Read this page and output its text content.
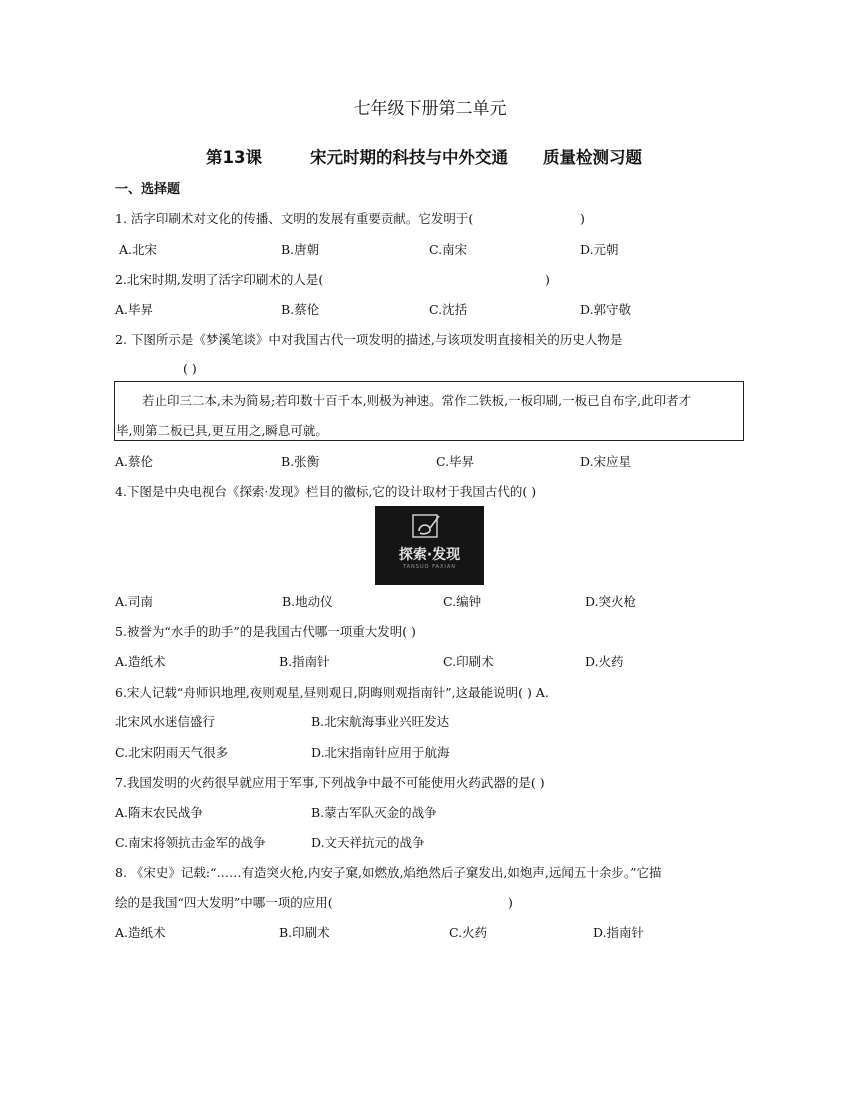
七年级下册第二单元
第13课	宋元时期的科技与中外交通 质量检测习题
一、选择题
1. 活字印刷术对文化的传播、文明的发展有重要贡献。它发明于(	)
A.北宋	B.唐朝	C.南宋	D.元朝
2.北宋时期,发明了活字印刷术的人是(	)
A.毕昇	B.蔡伦	C.沈括	D.郭守敬
2. 下图所示是《梦溪笔谈》中对我国古代一项发明的描述,与该项发明直接相关的历史人物是
( )
若止印三二本,未为简易;若印数十百千本,则极为神速。常作二铁板,一板印刷,一板已自布字,此印者才
毕,则第二板已具,更互用之,瞬息可就。
A.蔡伦	B.张衡	C.毕昇	D.宋应星
4.下图是中央电视台《探索·发现》栏目的徽标,它的设计取材于我国古代的( )
探索·发现
TANSUO FAXIAN
A.司南	B.地动仪	C.编钟	D.突火枪
5.被誉为“水手的助手”的是我国古代哪一项重大发明( )
A.造纸术	B.指南针	C.印刷术	D.火药
6.宋人记载“舟师识地理,夜则观星,昼则观日,阴晦则观指南针”,这最能说明( ) A.
北宋风水迷信盛行	B.北宋航海事业兴旺发达
C.北宋阴雨天气很多	D.北宋指南针应用于航海
7.我国发明的火药很早就应用于军事,下列战争中最不可能使用火药武器的是( )
A.隋末农民战争	B.蒙古军队灭金的战争
C.南宋将领抗击金军的战争	D.文天祥抗元的战争
8. 《宋史》记载:“……有造突火枪,内安子窠,如燃放,焰绝然后子窠发出,如炮声,远闻五十余步。”它描
绘的是我国“四大发明”中哪一项的应用(	)
A.造纸术	B.印刷术	C.火药	D.指南针
